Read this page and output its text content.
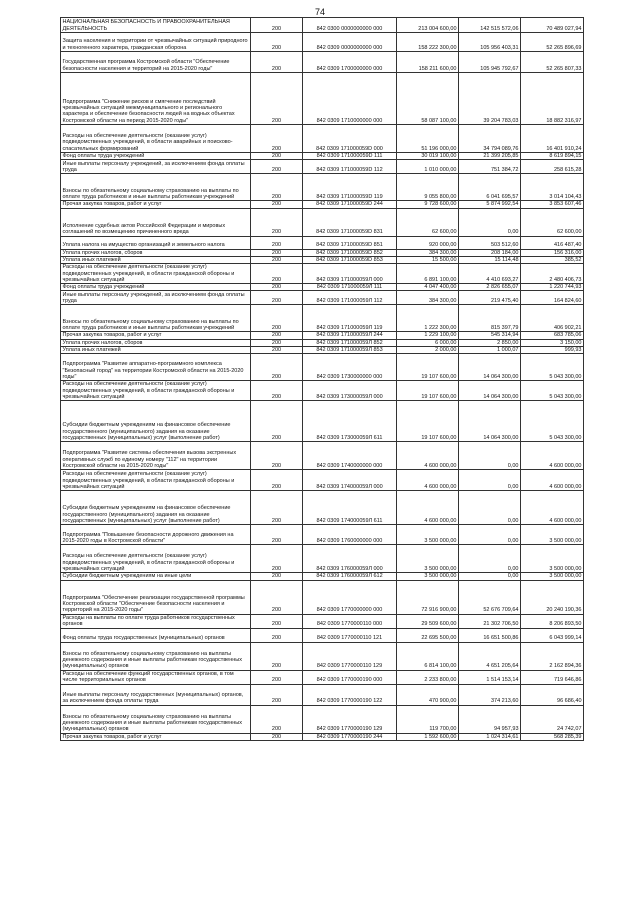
74
НАЦИОНАЛЬНАЯ БЕЗОПАСНОСТЬ И ПРАВООХРАНИТЕЛЬНАЯ ДЕЯТЕЛЬНОСТЬ	200	842 0300 0000000000 000	213 004 600,00	142 515 572,06	70 489 027,94
Защита населения и территории от чрезвычайных ситуаций природного и техногенного характера, гражданская оборона	200	842 0309 0000000000 000	158 222 300,00	105 956 403,31	52 265 896,69
Государственная программа Костромской области "Обеспечение безопасности населения и территорий на 2015-2020 годы"	200	842 0309 1700000000 000	158 211 600,00	105 945 792,67	52 265 807,33
Подпрограмма "Снижение рисков и смягчение последствий чрезвычайных ситуаций межмуниципального и регионального характера и обеспечение безопасности людей на водных объектах Костромской области на период 2015-2020 годы"	200	842 0309 1710000000 000	58 087 100,00	39 204 783,03	18 882 316,97
Расходы на обеспечение деятельности (оказание услуг) подведомственных учреждений, в области аварийных и поисково-спасательных формирований	200	842 0309 171000059D 000	51 196 000,00	34 794 089,76	16 401 910,24
Фонд оплаты труда учреждений	200	842 0309 171000059D 111	30 019 100,00	21 399 205,85	8 619 894,15
Иные выплаты персоналу учреждений, за исключением фонда оплаты труда	200	842 0309 171000059D 112	1 010 000,00	751 384,72	258 615,28
Взносы по обязательному социальному страхованию на выплаты по оплате труда работников и иные выплаты работникам учреждений	200	842 0309 171000059D 119	9 055 800,00	6 041 695,57	3 014 104,43
Прочая закупка товаров, работ и услуг	200	842 0309 171000059D 244	9 728 600,00	5 874 992,54	3 853 607,46
Исполнение судебных актов Российской Федерации и мировых соглашений по возмещению причиненного вреда	200	842 0309 171000059D 831	62 600,00	0,00	62 600,00
Уплата налога на имущество организаций и земельного налога	200	842 0309 171000059D 851	920 000,00	503 512,60	416 487,40
Уплата прочих налогов, сборов	200	842 0309 171000059D 852	384 300,00	208 184,00	156 316,00
Уплата иных платежей	200	842 0309 171000059D 853	15 500,00	15 114,48	385,52
Расходы на обеспечение деятельности (оказание услуг) подведомственных учреждений, в области гражданской обороны и чрезвычайных ситуаций	200	842 0309 171000059Л 000	6 891 100,00	4 410 693,27	2 480 406,73
Фонд оплаты труда учреждений	200	842 0309 171000059Л 111	4 047 400,00	2 826 655,07	1 220 744,93
Иные выплаты персоналу учреждений, за исключением фонда оплаты труда	200	842 0309 171000059Л 112	384 300,00	219 475,40	164 824,60
Взносы по обязательному социальному страхованию на выплаты по оплате труда работников и иные выплаты работникам учреждений	200	842 0309 171000059Л 119	1 222 300,00	815 397,79	406 902,21
Прочая закупка товаров, работ и услуг	200	842 0309 171000059Л 244	1 229 100,00	545 314,94	683 785,06
Уплата прочих налогов, сборов	200	842 0309 171000059Л 852	6 000,00	2 850,00	3 150,00
Уплата иных платежей	200	842 0309 171000059Л 853	2 000,00	1 000,07	999,93
Подпрограмма "Развитие аппаратно-программного комплекса "Безопасный город" на территории Костромской области на 2015-2020 годы"	200	842 0309 1730000000 000	19 107 600,00	14 064 300,00	5 043 300,00
Расходы на обеспечение деятельности (оказание услуг) подведомственных учреждений, в области гражданской обороны и чрезвычайных ситуаций	200	842 0309 173000059Л 000	19 107 600,00	14 064 300,00	5 043 300,00
Субсидии бюджетным учреждениям на финансовое обеспечение государственного (муниципального) задания на оказание государственных (муниципальных) услуг (выполнение работ)	200	842 0309 173000059Л 611	19 107 600,00	14 064 300,00	5 043 300,00
Подпрограмма "Развитие системы обеспечения вызова экстренных оперативных служб по единому номеру "112" на территории Костромской области на 2015-2020 годы"	200	842 0309 1740000000 000	4 600 000,00	0,00	4 600 000,00
Расходы на обеспечение деятельности (оказание услуг) подведомственных учреждений, в области гражданской обороны и чрезвычайных ситуаций	200	842 0309 174000059Л 000	4 600 000,00	0,00	4 600 000,00
Субсидии бюджетным учреждениям на финансовое обеспечение государственного (муниципального) задания на оказание государственных (муниципальных) услуг (выполнение работ)	200	842 0309 174000059Л 611	4 600 000,00	0,00	4 600 000,00
Подпрограмма "Повышение безопасности дорожного движения на 2015-2020 годы в Костромской области"	200	842 0309 1760000000 000	3 500 000,00	0,00	3 500 000,00
Расходы на обеспечение деятельности (оказание услуг) подведомственных учреждений, в области гражданской обороны и чрезвычайных ситуаций	200	842 0309 176000059Л 000	3 500 000,00	0,00	3 500 000,00
Субсидии бюджетным учреждениям на иные цели	200	842 0309 176000059Л 612	3 500 000,00	0,00	3 500 000,00
Подпрограмма "Обеспечение реализации государственной программы Костромской области "Обеспечение безопасности населения и территорий на 2015-2020 годы"	200	842 0309 1770000000 000	72 916 900,00	52 676 709,64	20 240 190,36
Расходы на выплаты по оплате труда работников государственных органов	200	842 0309 1770000110 000	29 509 600,00	21 302 706,50	8 206 893,50
Фонд оплаты труда государственных (муниципальных) органов	200	842 0309 1770000110 121	22 695 500,00	16 651 500,86	6 043 999,14
Взносы по обязательному социальному страхованию на выплаты денежного содержания и иные выплаты работникам государственных (муниципальных) органов	200	842 0309 1770000110 129	6 814 100,00	4 651 205,64	2 162 894,36
Расходы на обеспечение функций государственных органов, в том числе территориальных органов	200	842 0309 1770000190 000	2 233 800,00	1 514 153,14	719 646,86
Иные выплаты персоналу государственных (муниципальных) органов, за исключением фонда оплаты труда	200	842 0309 1770000190 122	470 900,00	374 213,60	96 686,40
Взносы по обязательному социальному страхованию на выплаты денежного содержания и иные выплаты работникам государственных (муниципальных) органов	200	842 0309 1770000190 129	119 700,00	94 957,93	24 742,07
Прочая закупка товаров, работ и услуг	200	842 0309 1770000190 244	1 592 600,00	1 024 314,61	568 285,39
